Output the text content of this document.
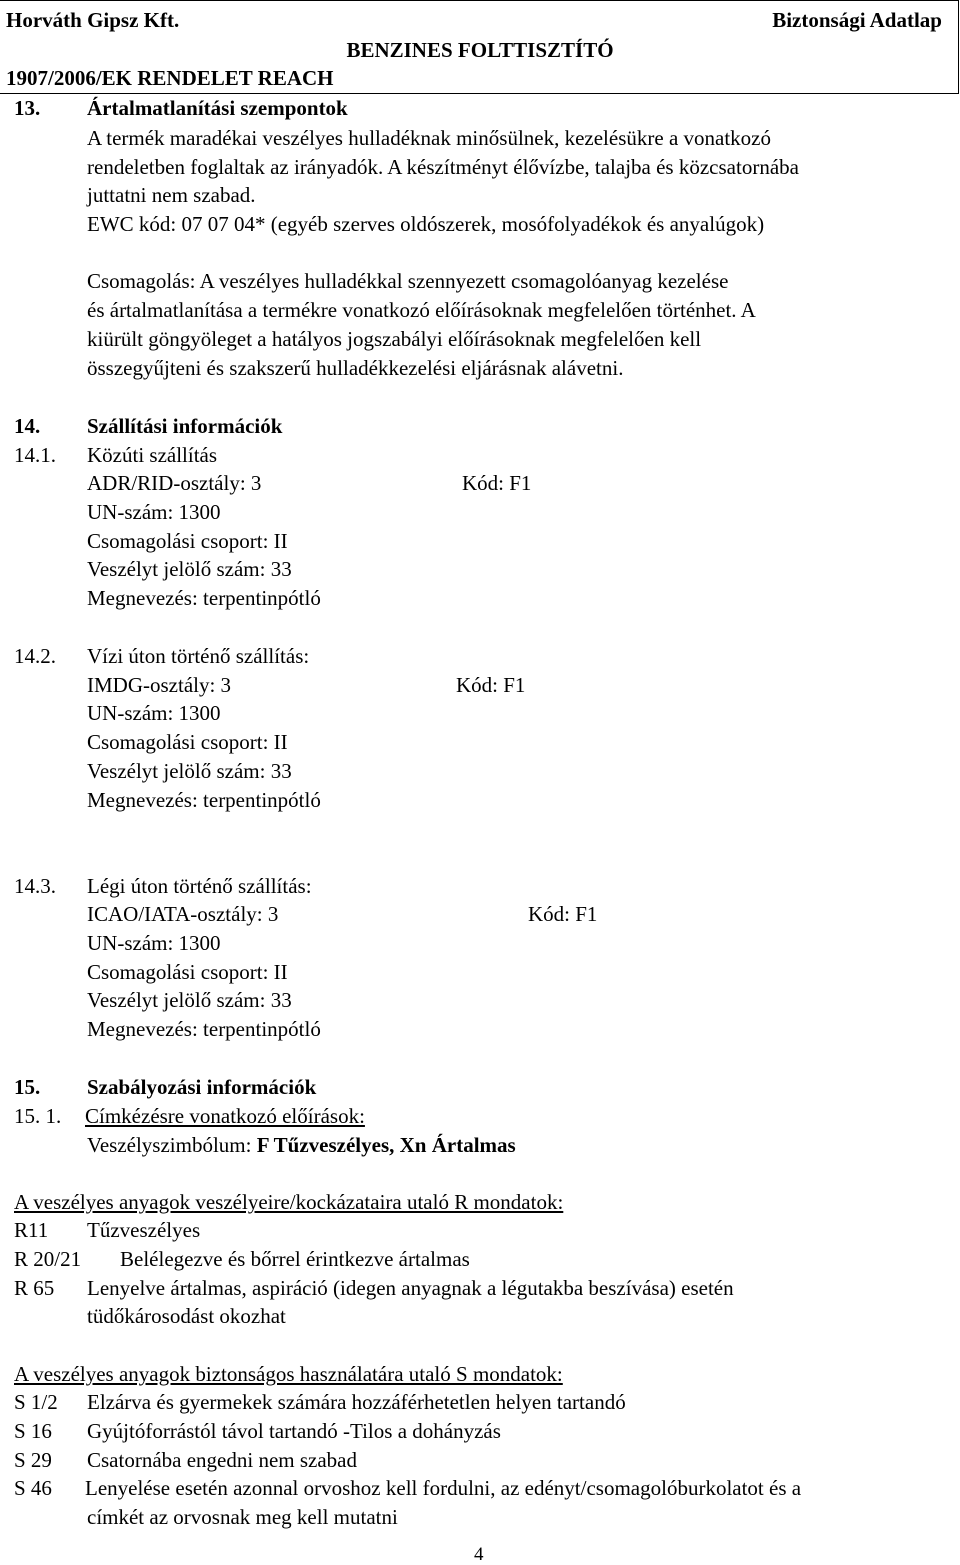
Horváth Gipsz Kft.	Biztonsági Adatlap
BENZINES FOLTTISZTÍTÓ
1907/2006/EK RENDELET REACH
13. Ártalmatlanítási szempontok
A termék maradékai veszélyes hulladéknak minősülnek, kezelésükre a vonatkozó
rendeletben foglaltak az irányadók. A készítményt élővízbe, talajba és közcsatornába
juttatni nem szabad.
EWC kód: 07 07 04* (egyéb szerves oldószerek, mosófolyadékok és anyalúgok)
Csomagolás: A veszélyes hulladékkal szennyezett csomagolóanyag kezelése
és ártalmatlanítása a termékre vonatkozó előírásoknak megfelelően történhet. A
kiürült göngyöleget a hatályos jogszabályi előírásoknak megfelelően kell
összegyűjteni és szakszerű hulladékkezelési eljárásnak alávetni.
14. Szállítási információk
14.1. Közúti szállítás
ADR/RID-osztály: 3	Kód: F1
UN-szám: 1300
Csomagolási csoport: II
Veszélyt jelölő szám: 33
Megnevezés: terpentinpótló
14.2. Vízi úton történő szállítás:
IMDG-osztály: 3	Kód: F1
UN-szám: 1300
Csomagolási csoport: II
Veszélyt jelölő szám: 33
Megnevezés: terpentinpótló
14.3. Légi úton történő szállítás:
ICAO/IATA-osztály: 3	Kód: F1
UN-szám: 1300
Csomagolási csoport: II
Veszélyt jelölő szám: 33
Megnevezés: terpentinpótló
15. Szabályozási információk
15. 1. Címkézésre vonatkozó előírások:
Veszélyszimbólum: F Tűzveszélyes, Xn Ártalmas
A veszélyes anyagok veszélyeire/kockázataira utaló R mondatok:
R11 Tűzveszélyes
R 20/21 Belélegezve és bőrrel érintkezve ártalmas
R 65 Lenyelve ártalmas, aspiráció (idegen anyagnak a légutakba beszívása) esetén
tüdőkárosodást okozhat
A veszélyes anyagok biztonságos használatára utaló S mondatok:
S 1/2 Elzárva és gyermekek számára hozzáférhetetlen helyen tartandó
S 16 Gyújtóforrástól távol tartandó -Tilos a dohányzás
S 29 Csatornába engedni nem szabad
S 46 Lenyelése esetén azonnal orvoshoz kell fordulni, az edényt/csomagolóburkolatot és a
címkét az orvosnak meg kell mutatni
4
